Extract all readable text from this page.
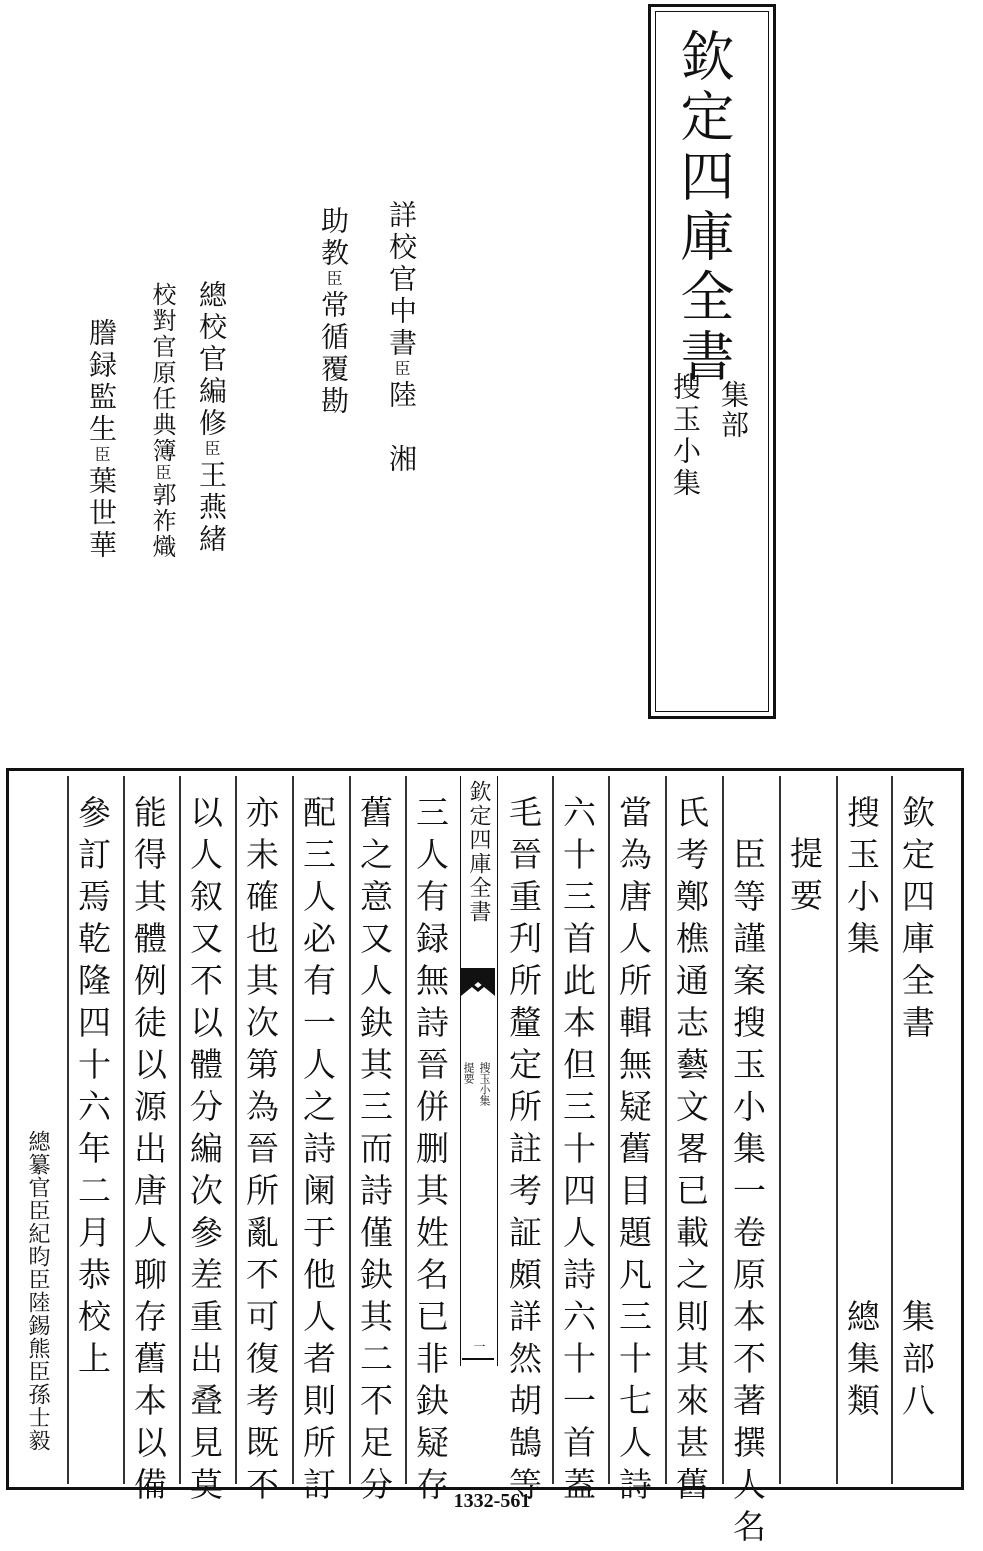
欽定四庫全書
集部
搜玉小集
詳校官中書臣陸　湘
助教臣常循覆勘
總校官編修臣王燕緒
校對官原任典簿臣郭祚熾
謄録監生臣葉世華
欽定四庫全書
搜玉小集
提要
一	欽定四庫全書　　　　　　集部八
搜玉小集　　　　　　　　總集類
提要
　臣等謹案搜玉小集一卷原本不著撰人名
氏考鄭樵通志藝文畧已載之則其來甚舊
當為唐人所輯無疑舊目題凡三十七人詩
六十三首此本但三十四人詩六十一首蓋
毛晉重刋所釐定所註考証頗詳然胡鵠等
三人有録無詩晉併删其姓名已非鈌疑存
舊之意又人鈌其三而詩僅鈌其二不足分
配三人必有一人之詩阑于他人者則所訂
亦未確也其次第為晉所亂不可復考既不
以人叙又不以體分編次參差重出叠見莫
能得其體例徒以源出唐人聊存舊本以備
參訂焉乾隆四十六年二月恭校上
總纂官臣紀昀臣陸錫熊臣孫士毅
1332-561
